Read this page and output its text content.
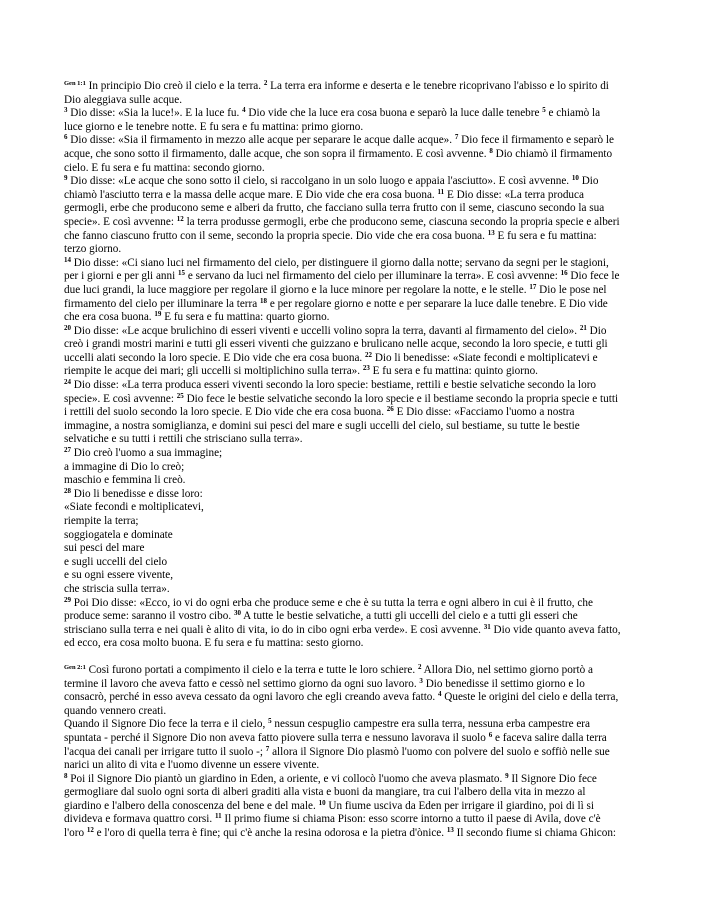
$^{Gen 1:1}$ In principio Dio creò il cielo e la terra. $^2$ La terra era informe e deserta e le tenebre ricoprivano l'abisso e lo spirito di
Dio aleggiava sulle acque.
$^3$ Dio disse: «Sia la luce!». E la luce fu. $^4$ Dio vide che la luce era cosa buona e separò la luce dalle tenebre $^5$ e chiamò la
luce giorno e le tenebre notte. E fu sera e fu mattina: primo giorno.
$^6$ Dio disse: «Sia il firmamento in mezzo alle acque per separare le acque dalle acque». $^7$ Dio fece il firmamento e separò le
acque, che sono sotto il firmamento, dalle acque, che son sopra il firmamento. E così avvenne. $^8$ Dio chiamò il firmamento
cielo. E fu sera e fu mattina: secondo giorno.
$^9$ Dio disse: «Le acque che sono sotto il cielo, si raccolgano in un solo luogo e appaia l'asciutto». E così avvenne. $^{10}$ Dio
chiamò l'asciutto terra e la massa delle acque mare. E Dio vide che era cosa buona. $^{11}$ E Dio disse: «La terra produca
germogli, erbe che producono seme e alberi da frutto, che facciano sulla terra frutto con il seme, ciascuno secondo la sua
specie». E così avvenne: $^{12}$ la terra produsse germogli, erbe che producono seme, ciascuna secondo la propria specie e alberi
che fanno ciascuno frutto con il seme, secondo la propria specie. Dio vide che era cosa buona. $^{13}$ E fu sera e fu mattina:
terzo giorno.
$^{14}$ Dio disse: «Ci siano luci nel firmamento del cielo, per distinguere il giorno dalla notte; servano da segni per le stagioni,
per i giorni e per gli anni $^{15}$ e servano da luci nel firmamento del cielo per illuminare la terra». E così avvenne: $^{16}$ Dio fece le
due luci grandi, la luce maggiore per regolare il giorno e la luce minore per regolare la notte, e le stelle. $^{17}$ Dio le pose nel
firmamento del cielo per illuminare la terra $^{18}$ e per regolare giorno e notte e per separare la luce dalle tenebre. E Dio vide
che era cosa buona. $^{19}$ E fu sera e fu mattina: quarto giorno.
$^{20}$ Dio disse: «Le acque brulichino di esseri viventi e uccelli volino sopra la terra, davanti al firmamento del cielo». $^{21}$ Dio
creò i grandi mostri marini e tutti gli esseri viventi che guizzano e brulicano nelle acque, secondo la loro specie, e tutti gli
uccelli alati secondo la loro specie. E Dio vide che era cosa buona. $^{22}$ Dio li benedisse: «Siate fecondi e moltiplicatevi e
riempite le acque dei mari; gli uccelli si moltiplichino sulla terra». $^{23}$ E fu sera e fu mattina: quinto giorno.
$^{24}$ Dio disse: «La terra produca esseri viventi secondo la loro specie: bestiame, rettili e bestie selvatiche secondo la loro
specie». E così avvenne: $^{25}$ Dio fece le bestie selvatiche secondo la loro specie e il bestiame secondo la propria specie e tutti
i rettili del suolo secondo la loro specie. E Dio vide che era cosa buona. $^{26}$ E Dio disse: «Facciamo l'uomo a nostra
immagine, a nostra somiglianza, e domini sui pesci del mare e sugli uccelli del cielo, sul bestiame, su tutte le bestie
selvatiche e su tutti i rettili che strisciano sulla terra».
$^{27}$ Dio creò l'uomo a sua immagine;
a immagine di Dio lo creò;
maschio e femmina li creò.
$^{28}$ Dio li benedisse e disse loro:
«Siate fecondi e moltiplicatevi,
riempite la terra;
soggiogatela e dominate
sui pesci del mare
e sugli uccelli del cielo
e su ogni essere vivente,
che striscia sulla terra».
$^{29}$ Poi Dio disse: «Ecco, io vi do ogni erba che produce seme e che è su tutta la terra e ogni albero in cui è il frutto, che
produce seme: saranno il vostro cibo. $^{30}$ A tutte le bestie selvatiche, a tutti gli uccelli del cielo e a tutti gli esseri che
strisciano sulla terra e nei quali è alito di vita, io do in cibo ogni erba verde». E così avvenne. $^{31}$ Dio vide quanto aveva fatto,
ed ecco, era cosa molto buona. E fu sera e fu mattina: sesto giorno.
$^{Gen 2:1}$ Così furono portati a compimento il cielo e la terra e tutte le loro schiere. $^2$ Allora Dio, nel settimo giorno portò a
termine il lavoro che aveva fatto e cessò nel settimo giorno da ogni suo lavoro. $^3$ Dio benedisse il settimo giorno e lo
consacrò, perché in esso aveva cessato da ogni lavoro che egli creando aveva fatto. $^4$ Queste le origini del cielo e della terra,
quando vennero creati.
Quando il Signore Dio fece la terra e il cielo, $^5$ nessun cespuglio campestre era sulla terra, nessuna erba campestre era
spuntata - perché il Signore Dio non aveva fatto piovere sulla terra e nessuno lavorava il suolo $^6$ e faceva salire dalla terra
l'acqua dei canali per irrigare tutto il suolo -; $^7$ allora il Signore Dio plasmò l'uomo con polvere del suolo e soffiò nelle sue
narici un alito di vita e l'uomo divenne un essere vivente.
$^8$ Poi il Signore Dio piantò un giardino in Eden, a oriente, e vi collocò l'uomo che aveva plasmato. $^9$ Il Signore Dio fece
germogliare dal suolo ogni sorta di alberi graditi alla vista e buoni da mangiare, tra cui l'albero della vita in mezzo al
giardino e l'albero della conoscenza del bene e del male. $^{10}$ Un fiume usciva da Eden per irrigare il giardino, poi di lì si
divideva e formava quattro corsi. $^{11}$ Il primo fiume si chiama Pison: esso scorre intorno a tutto il paese di Avila, dove c'è
l'oro $^{12}$ e l'oro di quella terra è fine; qui c'è anche la resina odorosa e la pietra d'ònice. $^{13}$ Il secondo fiume si chiama Ghicon:
